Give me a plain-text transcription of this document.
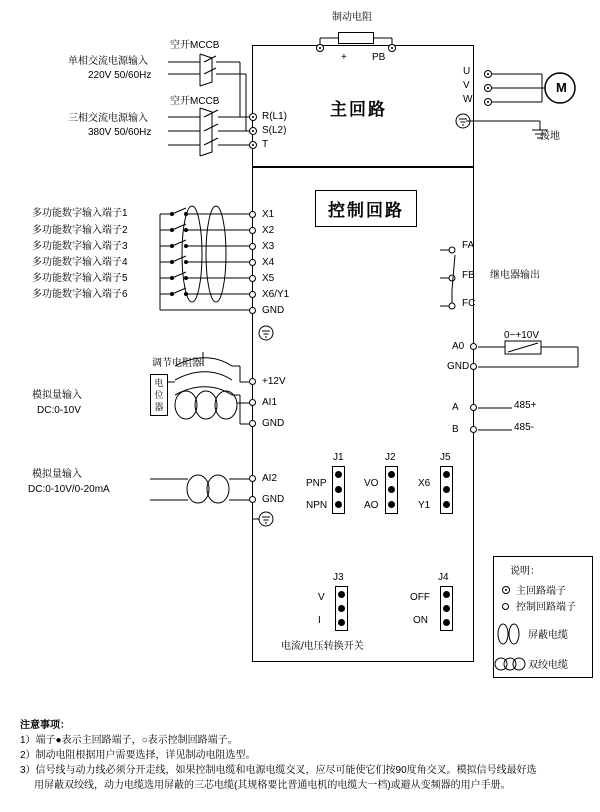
主回路
控制回路
制动电阻
+	PB
空开MCCB
单相交流电源输入
220V 50/60Hz
空开MCCB
三相交流电源输入
380V 50/60Hz
R(L1)
S(L2)
T
U
V
W
M
接地
多功能数字输入端子1
多功能数字输入端子2
多功能数字输入端子3
多功能数字输入端子4
多功能数字输入端子5
多功能数字输入端子6
X1
X2
X3
X4
X5
X6/Y1
GND
FA
FB
FC
继电器输出
A0
GND
0~+10V
A
B
485+
485-
调节电阻器
电位器
模拟量输入
DC:0-10V
+12V
AI1
GND
模拟量输入
DC:0-10V/0-20mA
AI2
GND
J1
PNP
NPN
J2
VO
AO
J5
X6
Y1
J3
V
I
J4
OFF
ON
电流/电压转换开关
说明：
主回路端子
控制回路端子
屏蔽电缆
双绞电缆
注意事项：
1）端子●表示主回路端子，○表示控制回路端子。
2）制动电阻根据用户需要选择，详见制动电阻选型。
3）信号线与动力线必须分开走线，如果控制电缆和电源电缆交叉，应尽可能使它们按90度角交叉。模拟信号线最好选
用屏蔽双绞线，动力电缆选用屏蔽的三芯电缆(其规格要比普通电机的电缆大一档)或避从变频器的用户手册。
